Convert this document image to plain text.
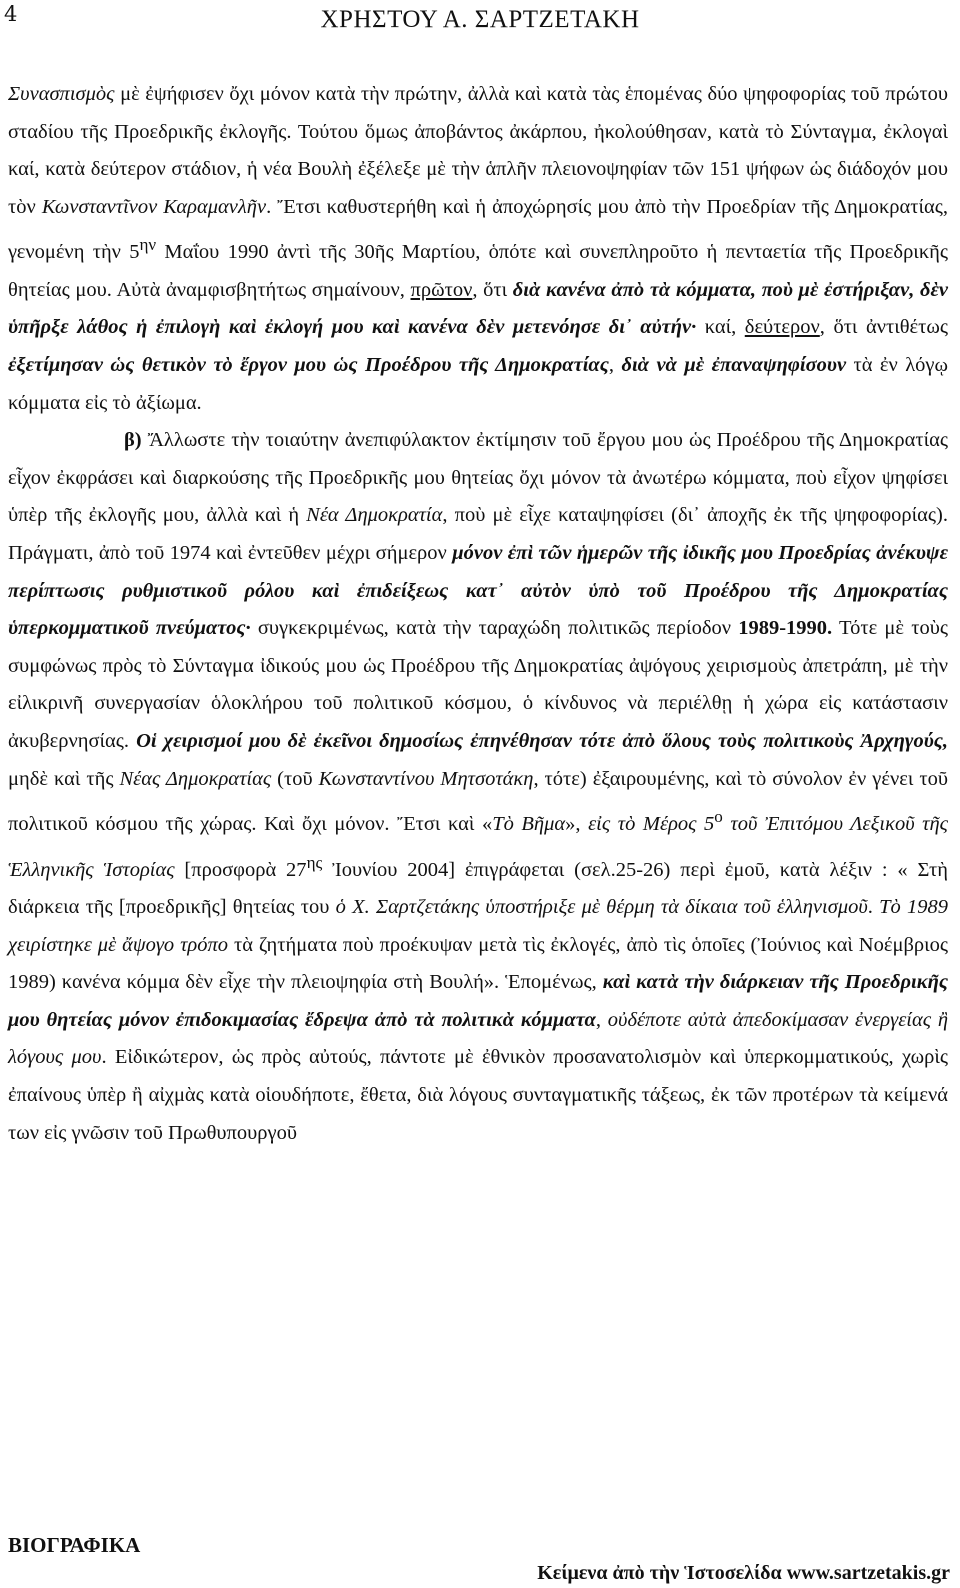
4	ΧΡΗΣΤΟΥ Α. ΣΑΡΤΖΕΤΑΚΗ

Συνασπισμὸς μὲ ἐψήφισεν ὄχι μόνον κατὰ τὴν πρώτην, ἀλλὰ καὶ κατὰ τὰς ἑπομένας δύο ψηφοφορίας τοῦ πρώτου σταδίου τῆς Προεδρικῆς ἐκλογῆς. Τούτου ὅμως ἀποβάντος ἀκάρπου, ἠκολούθησαν, κατὰ τὸ Σύνταγμα, ἐκλογαὶ καί, κατὰ δεύτερον στάδιον, ἡ νέα Βουλὴ ἐξέλεξε μὲ τὴν ἁπλῆν πλειονοψηφίαν τῶν 151 ψήφων ὡς διάδοχόν μου τὸν Κωνσταντῖνον Καραμανλῆν. Ἔτσι καθυστερήθη καὶ ἡ ἀποχώρησίς μου ἀπὸ τὴν Προεδρίαν τῆς Δημοκρατίας, γενομένη τὴν $5^{\eta\nu}$ Μαΐου 1990 ἀντὶ τῆς 30ῆς Μαρτίου, ὁπότε καὶ συνεπληροῦτο ἡ πενταετία τῆς Προεδρικῆς θητείας μου. Αὐτὰ ἀναμφισβητήτως σημαίνουν, πρῶτον, ὅτι διὰ κανένα ἀπὸ τὰ κόμματα, ποὺ μὲ ἐστήριξαν, δὲν ὑπῆρξε λάθος ἡ ἐπιλογὴ καὶ ἐκλογή μου καὶ κανένα δὲν μετενόησε δι᾽ αὐτήν· καί, δεύτερον, ὅτι ἀντιθέτως ἐξετίμησαν ὡς θετικὸν τὸ ἔργον μου ὡς Προέδρου τῆς Δημοκρατίας, διὰ νὰ μὲ ἐπαναψηφίσουν τὰ ἐν λόγῳ κόμματα εἰς τὸ ἀξίωμα.

β) Ἄλλωστε τὴν τοιαύτην ἀνεπιφύλακτον ἐκτίμησιν τοῦ ἔργου μου ὡς Προέδρου τῆς Δημοκρατίας εἶχον ἐκφράσει καὶ διαρκούσης τῆς Προεδρικῆς μου θητείας ὄχι μόνον τὰ ἀνωτέρω κόμματα, ποὺ εἶχον ψηφίσει ὑπὲρ τῆς ἐκλογῆς μου, ἀλλὰ καὶ ἡ Νέα Δημοκρατία, ποὺ μὲ εἶχε καταψηφίσει (δι᾽ ἀποχῆς ἐκ τῆς ψηφοφορίας). Πράγματι, ἀπὸ τοῦ 1974 καὶ ἐντεῦθεν μέχρι σήμερον μόνον ἐπὶ τῶν ἡμερῶν τῆς ἰδικῆς μου Προεδρίας ἀνέκυψε περίπτωσις ρυθμιστικοῦ ρόλου καὶ ἐπιδείξεως κατ᾽ αὐτὸν ὑπὸ τοῦ Προέδρου τῆς Δημοκρατίας ὑπερκομματικοῦ πνεύματος· συγκεκριμένως, κατὰ τὴν ταραχώδη πολιτικῶς περίοδον 1989-1990. Τότε μὲ τοὺς συμφώνως πρὸς τὸ Σύνταγμα ἰδικούς μου ὡς Προέδρου τῆς Δημοκρατίας ἀψόγους χειρισμοὺς ἀπετράπη, μὲ τὴν εἰλικρινῆ συνεργασίαν ὁλοκλήρου τοῦ πολιτικοῦ κόσμου, ὁ κίνδυνος νὰ περιέλθῃ ἡ χώρα εἰς κατάστασιν ἀκυβερνησίας. Οἱ χειρισμοί μου δὲ ἐκεῖνοι δημοσίως ἐπηνέθησαν τότε ἀπὸ ὅλους τοὺς πολιτικοὺς Ἀρχηγούς, μηδὲ καὶ τῆς Νέας Δημοκρατίας (τοῦ Κωνσταντίνου Μητσοτάκη, τότε) ἐξαιρουμένης, καὶ τὸ σύνολον ἐν γένει τοῦ πολιτικοῦ κόσμου τῆς χώρας. Καὶ ὄχι μόνον. Ἔτσι καὶ «Τὸ Βῆμα», εἰς τὸ Μέρος $5^o$ τοῦ Ἐπιτόμου Λεξικοῦ τῆς Ἑλληνικῆς Ἱστορίας [προσφορὰ $27^{\eta\varsigma}$ Ἰουνίου 2004] ἐπιγράφεται (σελ.25-26) περὶ ἐμοῦ, κατὰ λέξιν : « Στὴ διάρκεια τῆς [προεδρικῆς] θητείας του ὁ Χ. Σαρτζετάκης ὑποστήριξε μὲ θέρμη τὰ δίκαια τοῦ ἑλληνισμοῦ. Τὸ 1989 χειρίστηκε μὲ ἄψογο τρόπο τὰ ζητήματα ποὺ προέκυψαν μετὰ τὶς ἐκλογές, ἀπὸ τὶς ὁποῖες (Ἰούνιος καὶ Νοέμβριος 1989) κανένα κόμμα δὲν εἶχε τὴν πλειοψηφία στὴ Βουλή». Ἑπομένως, καὶ κατὰ τὴν διάρκειαν τῆς Προεδρικῆς μου θητείας μόνον ἐπιδοκιμασίας ἔδρεψα ἀπὸ τὰ πολιτικὰ κόμματα, οὐδέποτε αὐτὰ ἀπεδοκίμασαν ἐνεργείας ἢ λόγους μου. Εἰδικώτερον, ὡς πρὸς αὐτούς, πάντοτε μὲ ἐθνικὸν προσανατολισμὸν καὶ ὑπερκομματικούς, χωρὶς ἐπαίνους ὑπὲρ ἢ αἰχμὰς κατὰ οἱουδήποτε, ἔθετα, διὰ λόγους συνταγματικῆς τάξεως, ἐκ τῶν προτέρων τὰ κείμενά των εἰς γνῶσιν τοῦ Πρωθυπουργοῦ

ΒΙΟΓΡΑΦΙΚΑ
Κείμενα ἀπὸ τὴν Ἱστοσελίδα www.sartzetakis.gr
